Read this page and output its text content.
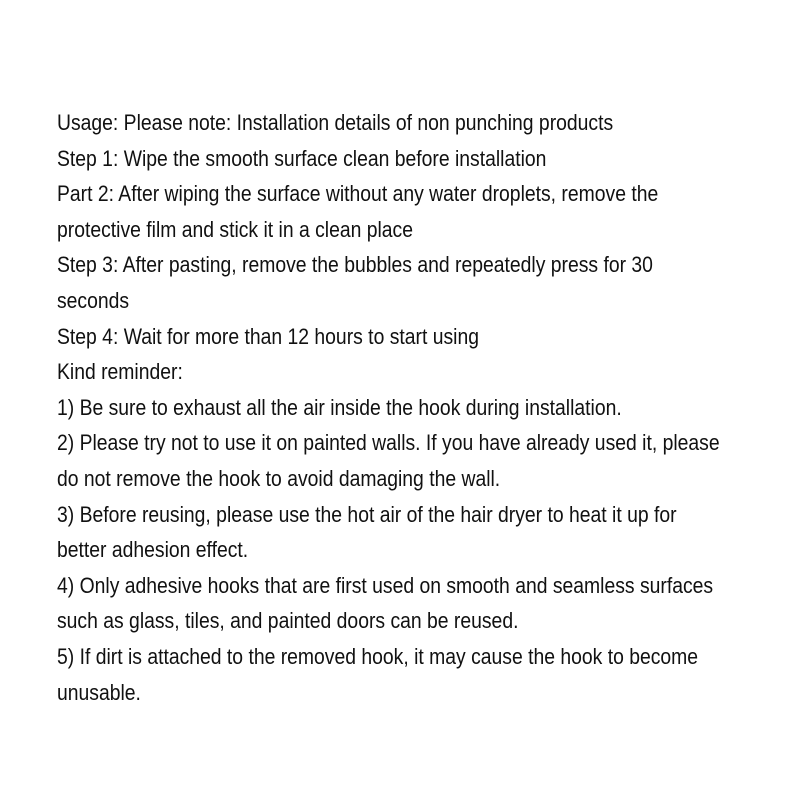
Usage: Please note: Installation details of non punching products

Step 1: Wipe the smooth surface clean before installation

Part 2: After wiping the surface without any water droplets, remove the

protective film and stick it in a clean place

Step 3: After pasting, remove the bubbles and repeatedly press for 30

seconds

Step 4: Wait for more than 12 hours to start using

Kind reminder:

1) Be sure to exhaust all the air inside the hook during installation.

2) Please try not to use it on painted walls. If you have already used it, please

do not remove the hook to avoid damaging the wall.

3) Before reusing, please use the hot air of the hair dryer to heat it up for

better adhesion effect.

4) Only adhesive hooks that are first used on smooth and seamless surfaces

such as glass, tiles, and painted doors can be reused.

5) If dirt is attached to the removed hook, it may cause the hook to become

unusable.
